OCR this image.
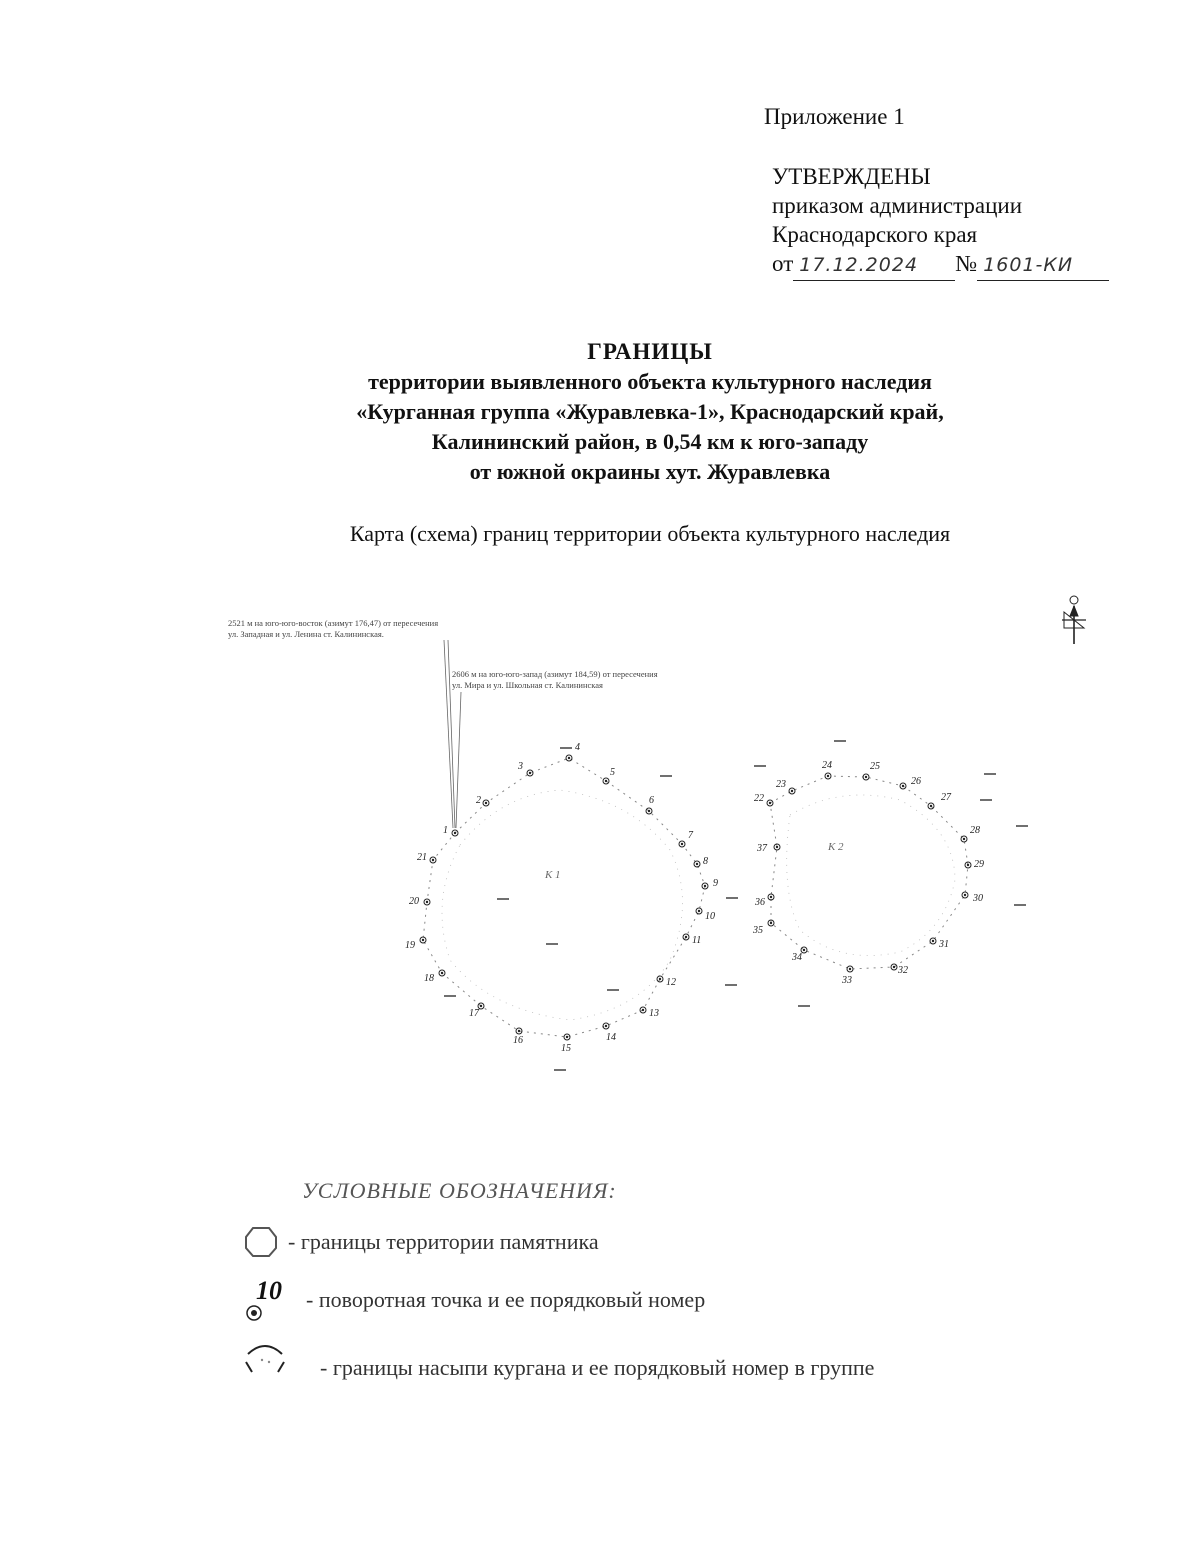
Приложение 1
УТВЕРЖДЕНЫ
приказом администрации
Краснодарского края
от 17.12.2024 № 1601-КИ
ГРАНИЦЫ
территории выявленного объекта культурного наследия
«Курганная группа «Журавлевка-1», Краснодарский край,
Калининский район, в 0,54 км к юго-западу
от южной окраины хут. Журавлевка
Карта (схема) границ территории объекта культурного наследия
2521 м на юго-юго-восток (азимут 176,47) от пересечения
ул. Западная и ул. Ленина ст. Калининская.
2606 м на юго-юго-запад (азимут 184,59) от пересечения
ул. Мира и ул. Школьная ст. Калининская
К 1
К 2
1
2
3
4
5
6
7
8
9
10
11
12
13
14
15
16
17
18
19
20
21
22
23
24	25
26
27
28
29
30
31
32
33
34
35
36
37
УСЛОВНЫЕ ОБОЗНАЧЕНИЯ:
- границы территории памятника
10 - поворотная точка и ее порядковый номер
- границы насыпи кургана и ее порядковый номер в группе
